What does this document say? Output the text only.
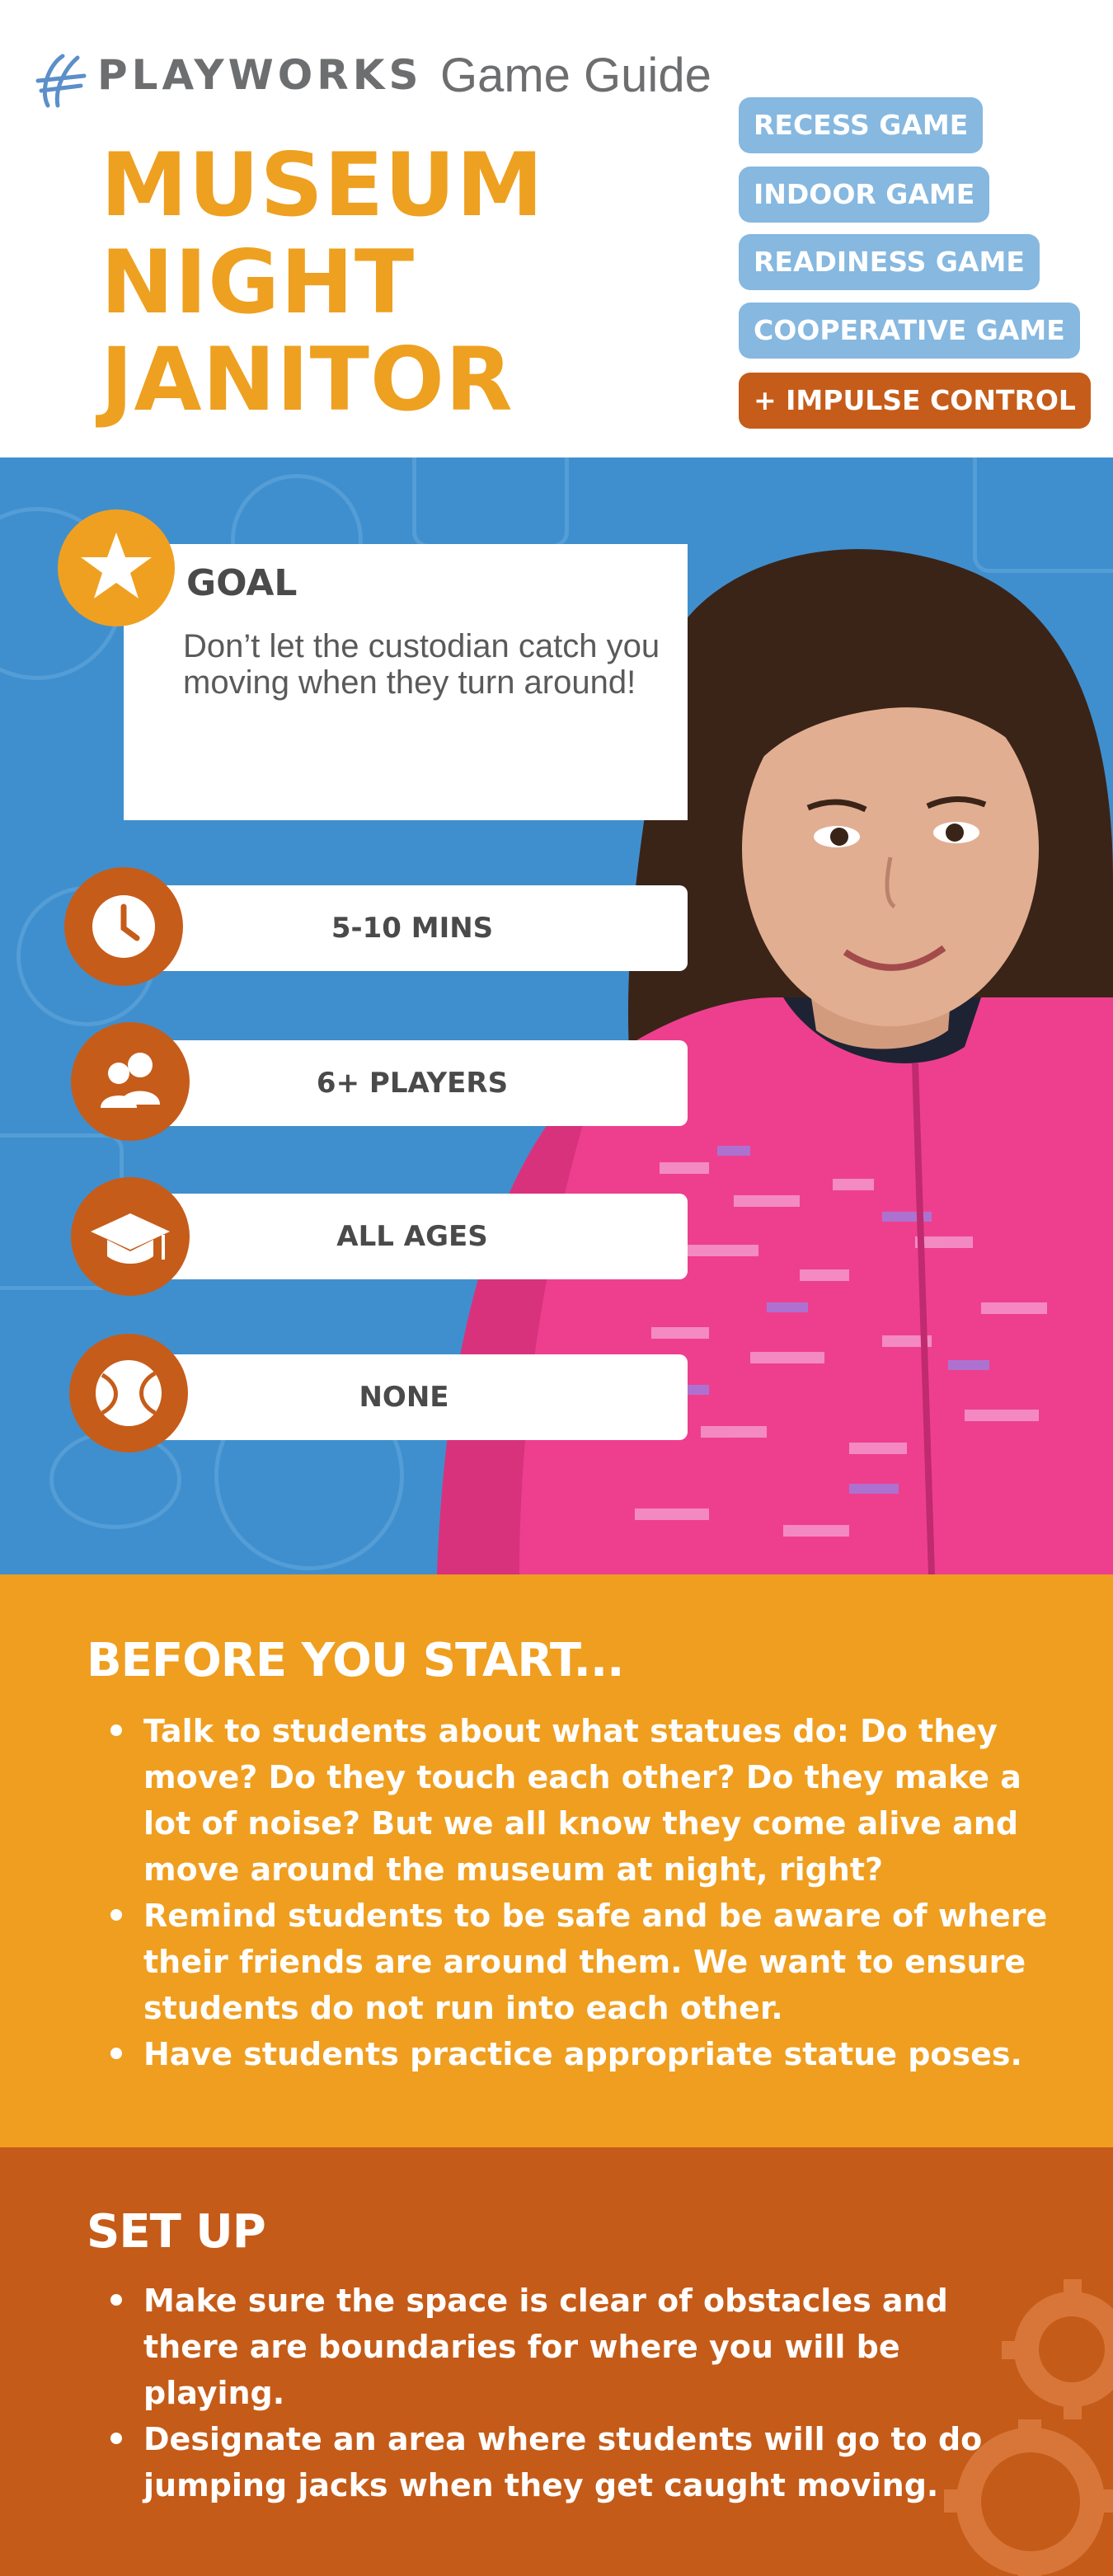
PLAYWORKS Game Guide
MUSEUM
NIGHT
JANITOR
RECESS GAME
INDOOR GAME
READINESS GAME
COOPERATIVE GAME
+ IMPULSE CONTROL
GOAL
Don’t let the custodian catch you moving when they turn around!
5-10 MINS
6+ PLAYERS
ALL AGES
NONE
BEFORE YOU START...
Talk to students about what statues do: Do they move? Do they touch each other? Do they make a lot of noise? But we all know they come alive and move around the museum at night, right?
Remind students to be safe and be aware of where their friends are around them. We want to ensure students do not run into each other.
Have students practice appropriate statue poses.
SET UP
Make sure the space is clear of obstacles and there are boundaries for where you will be playing.
Designate an area where students will go to do jumping jacks when they get caught moving.
